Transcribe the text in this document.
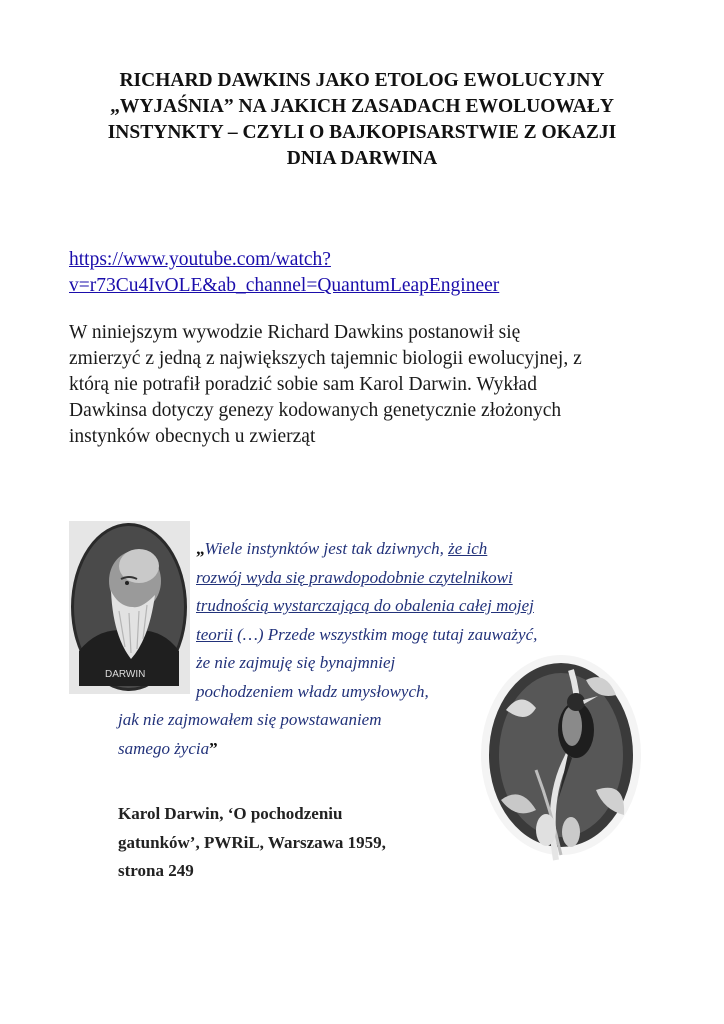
RICHARD DAWKINS JAKO ETOLOG EWOLUCYJNY
„WYJAŚNIA” NA JAKICH ZASADACH EWOLUOWAŁY
INSTYNKTY – CZYLI O BAJKOPISARSTWIE Z OKAZJI
DNIA DARWINA
https://www.youtube.com/watch?
v=r73Cu4IvOLE&ab_channel=QuantumLeapEngineer
W niniejszym wywodzie Richard Dawkins postanowił się
zmierzyć z jedną z największych tajemnic biologii ewolucyjnej, z
którą nie potrafił poradzić sobie sam Karol Darwin. Wykład
Dawkinsa dotyczy genezy kodowanych genetycznie złożonych
instynków obecnych u zwierząt
DARWIN
„Wiele instynktów jest tak dziwnych, że ich
rozwój wyda się prawdopodobnie czytelnikowi
trudnością wystarczającą do obalenia całej mojej
teorii (…) Przede wszystkim mogę tutaj zauważyć,
że nie zajmuję się bynajmniej
pochodzeniem władz umysłowych,
jak nie zajmowałem się powstawaniem
samego życia”
Karol Darwin, ‘O pochodzeniu
gatunków’, PWRiL, Warszawa 1959,
strona 249
